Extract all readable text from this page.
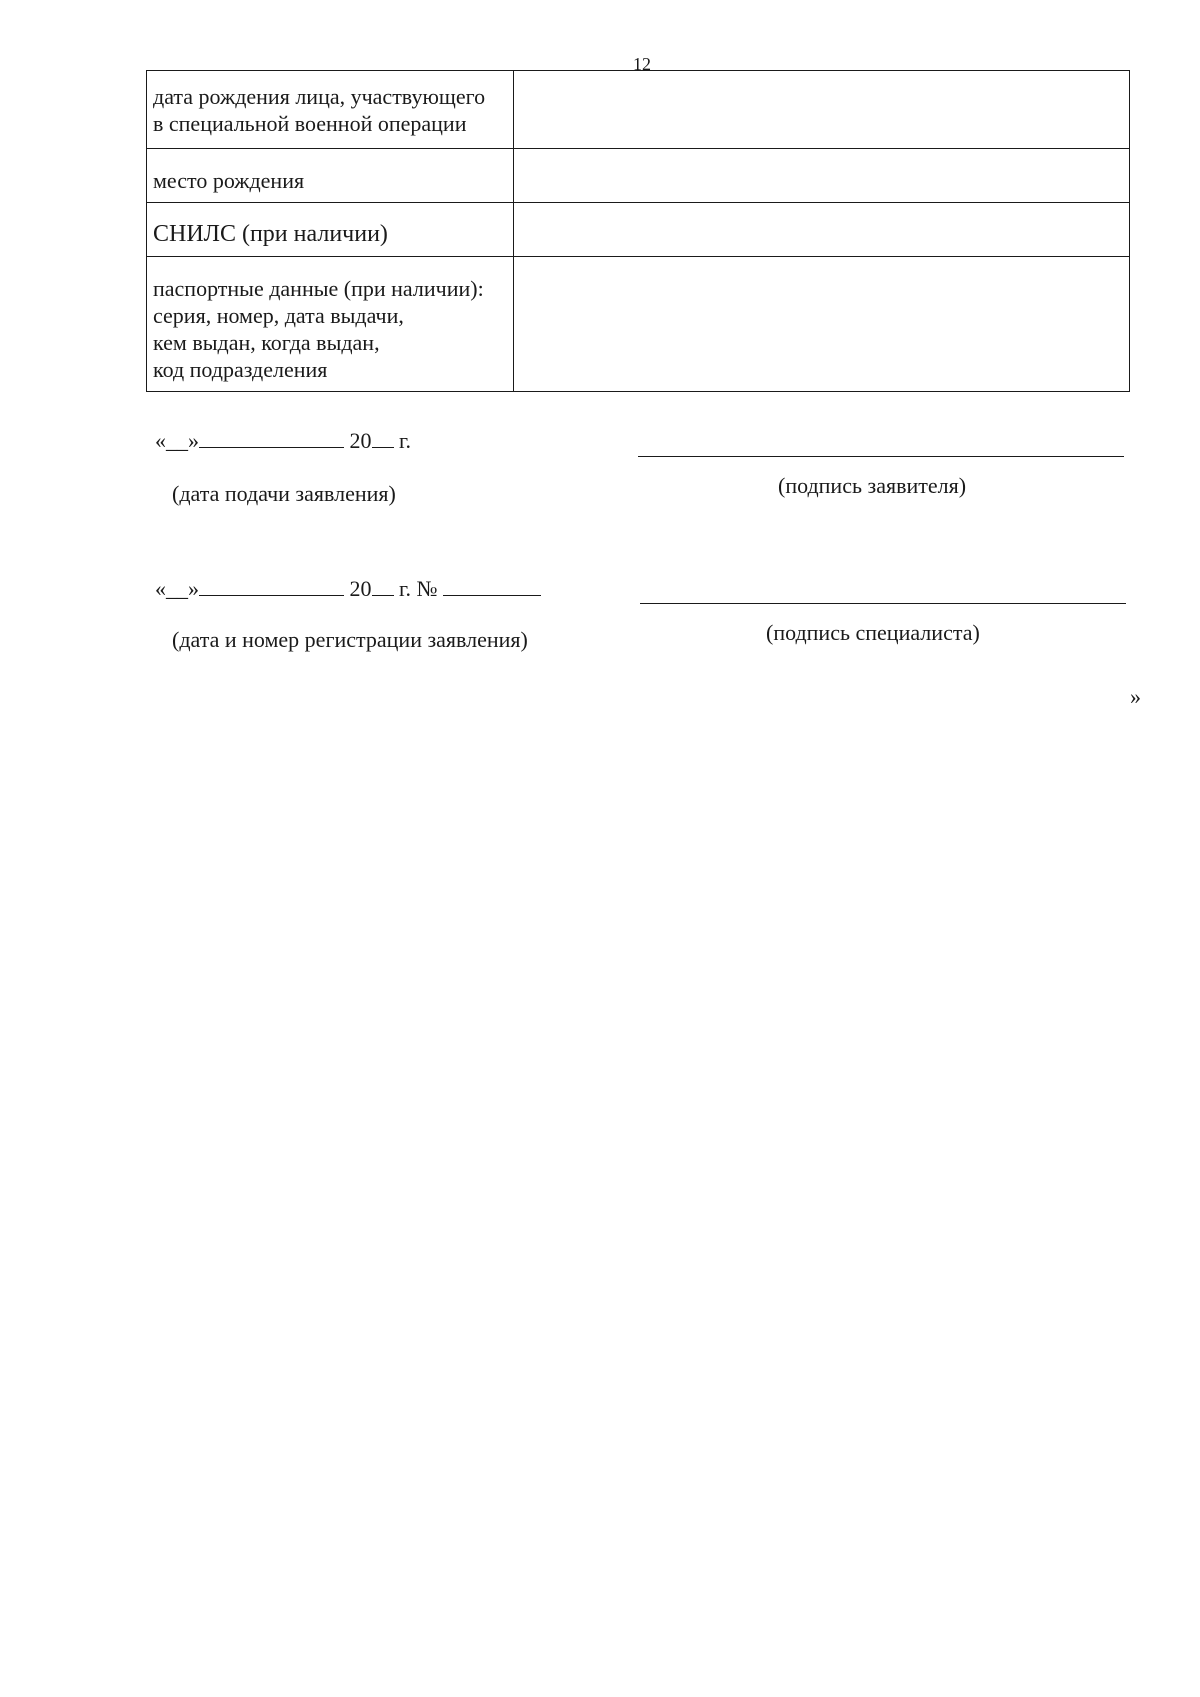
12
дата рождения лица, участвующего
в специальной военной операции	

место рождения	

СНИЛС (при наличии)	

паспортные данные (при наличии):
серия, номер, дата выдачи,
кем выдан, когда выдан,
код подразделения	

«__»	20 г.
(дата подачи заявления)	(подпись заявителя)
«__»	20 г. №
(дата и номер регистрации заявления)	(подпись специалиста)
»
